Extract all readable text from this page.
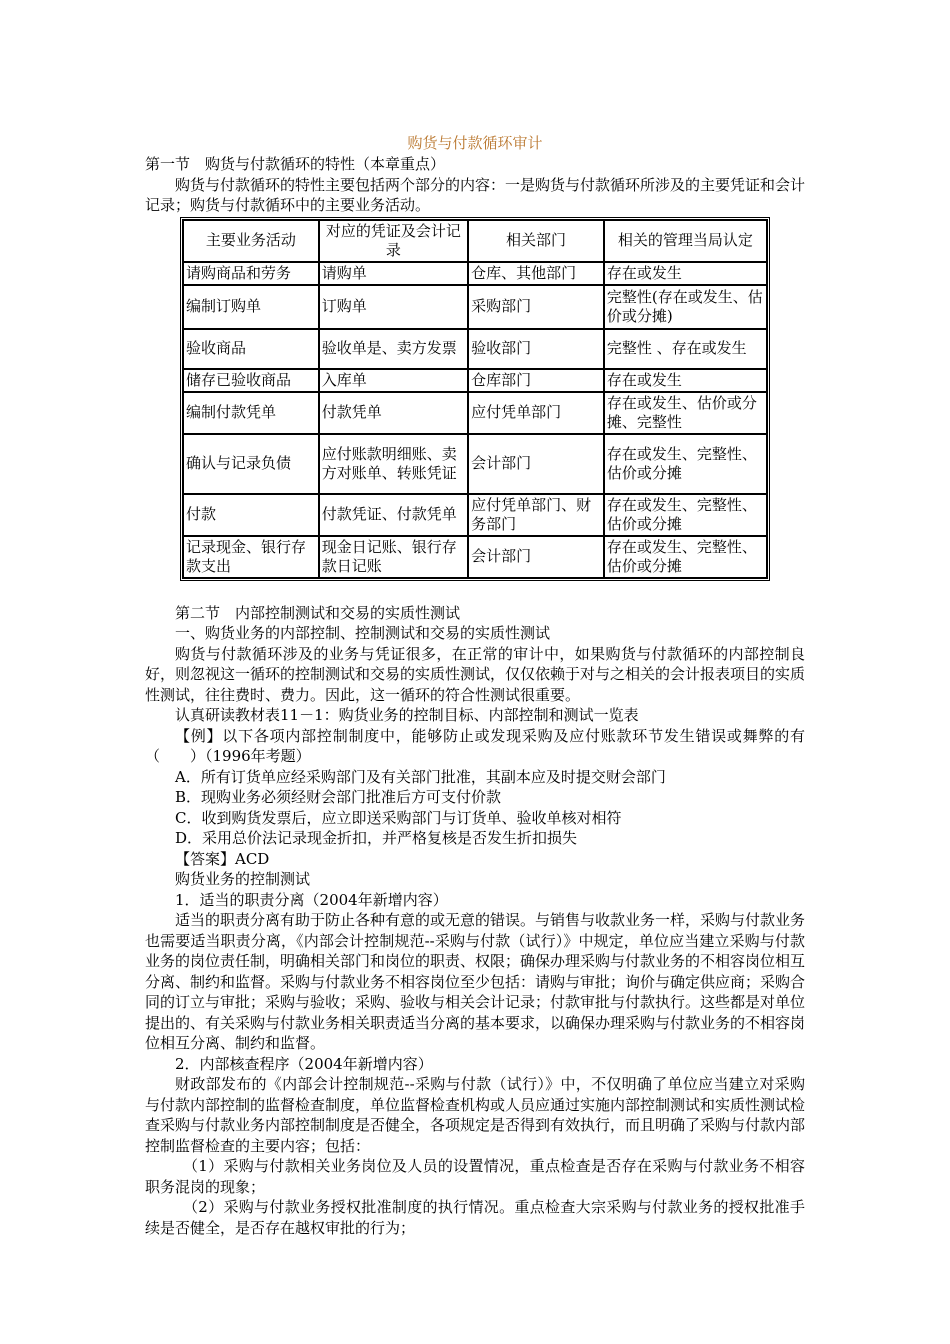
购货与付款循环审计

第一节　购货与付款循环的特性（本章重点）

购货与付款循环的特性主要包括两个部分的内容：一是购货与付款循环所涉及的主要凭证和会计记录；购货与付款循环中的主要业务活动。

主要业务活动	对应的凭证及会计记录	相关部门	相关的管理当局认定
请购商品和劳务	请购单	仓库、其他部门	存在或发生
编制订购单	订购单	采购部门	完整性(存在或发生、估价或分摊)
验收商品	验收单是、卖方发票	验收部门	完整性 、存在或发生
储存已验收商品	入库单	仓库部门	存在或发生
编制付款凭单	付款凭单	应付凭单部门	存在或发生、估价或分摊、完整性
确认与记录负债	应付账款明细账、卖方对账单、转账凭证	会计部门	存在或发生、完整性、估价或分摊
付款	付款凭证、付款凭单	应付凭单部门、财务部门	存在或发生、完整性、估价或分摊
记录现金、银行存款支出	现金日记账、银行存款日记账	会计部门	存在或发生、完整性、估价或分摊

第二节　内部控制测试和交易的实质性测试

一、购货业务的内部控制、控制测试和交易的实质性测试

购货与付款循环涉及的业务与凭证很多，在正常的审计中，如果购货与付款循环的内部控制良好，则忽视这一循环的控制测试和交易的实质性测试，仅仅依赖于对与之相关的会计报表项目的实质性测试，往往费时、费力。因此，这一循环的符合性测试很重要。

认真研读教材表11－1：购货业务的控制目标、内部控制和测试一览表

【例】以下各项内部控制制度中，能够防止或发现采购及应付账款环节发生错误或舞弊的有　（　　）（1996年考题）

A．所有订货单应经采购部门及有关部门批准，其副本应及时提交财会部门

B．现购业务必须经财会部门批准后方可支付价款

C．收到购货发票后，应立即送采购部门与订货单、验收单核对相符

D．采用总价法记录现金折扣，并严格复核是否发生折扣损失

【答案】ACD

购货业务的控制测试

1．适当的职责分离（2004年新增内容）

适当的职责分离有助于防止各种有意的或无意的错误。与销售与收款业务一样，采购与付款业务也需要适当职责分离，《内部会计控制规范--采购与付款（试行）》中规定，单位应当建立采购与付款业务的岗位责任制，明确相关部门和岗位的职责、权限；确保办理采购与付款业务的不相容岗位相互分离、制约和监督。采购与付款业务不相容岗位至少包括：请购与审批；询价与确定供应商；采购合同的订立与审批；采购与验收；采购、验收与相关会计记录；付款审批与付款执行。这些都是对单位提出的、有关采购与付款业务相关职责适当分离的基本要求，以确保办理采购与付款业务的不相容岗位相互分离、制约和监督。

2．内部核查程序（2004年新增内容）

财政部发布的《内部会计控制规范--采购与付款（试行）》中，不仅明确了单位应当建立对采购与付款内部控制的监督检查制度，单位监督检查机构或人员应通过实施内部控制测试和实质性测试检查采购与付款业务内部控制制度是否健全，各项规定是否得到有效执行，而且明确了采购与付款内部控制监督检查的主要内容；包括：

（1）采购与付款相关业务岗位及人员的设置情况，重点检查是否存在采购与付款业务不相容职务混岗的现象；

（2）采购与付款业务授权批准制度的执行情况。重点检查大宗采购与付款业务的授权批准手续是否健全，是否存在越权审批的行为；
